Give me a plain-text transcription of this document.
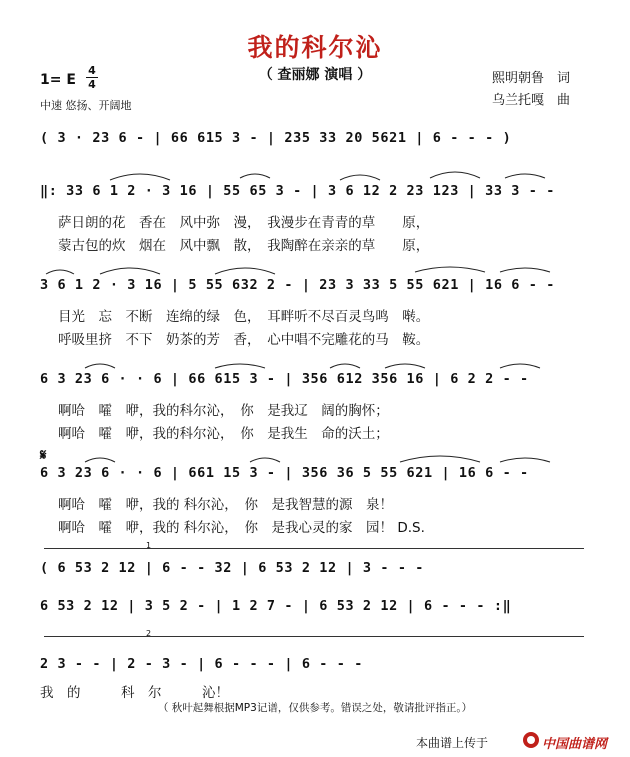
我的科尔沁
（ 查丽娜 演唱 ）
1= E
4
4
中速 悠扬、开阔地
熙明朝鲁　词
乌兰托嘎　曲
( 3 · 23 6 - | 66 615 3 - | 235 33 20 5621 | 6 - - - )
‖: 33 6 1 2 · 3 16 | 55 65 3 - | 3 6 12 2 23 123 | 33 3 - -
萨日朗的花　香在　风中弥　漫，　我漫步在青青的草　　原，
蒙古包的炊　烟在　风中飘　散，　我陶醉在亲亲的草　　原，
3 6 1 2 · 3 16 | 5 55 632 2 - | 23 3 33 5 55 621 | 16 6 - -
目光　忘　不断　连绵的绿　色，　耳畔听不尽百灵鸟鸣　啭。
呼吸里挤　不下　奶茶的芳　香，　心中唱不完雕花的马　鞍。
6 3 23 6 · · 6 | 66 615 3 - | 356 612 356 16 | 6 2 2 - -
啊哈　嚯　咿，我的科尔沁，　你　是我辽　阔的胸怀；
啊哈　嚯　咿，我的科尔沁，　你　是我生　命的沃土；
𝄋
6 3 23 6 · · 6 | 661 15 3 - | 356 36 5 55 621 | 16 6 - -
啊哈　嚯　咿，我的 科尔沁，　你　是我智慧的源　泉！
啊哈　嚯　咿，我的 科尔沁，　你　是我心灵的家　园！ D.S.
1
( 6 53 2 12 | 6 - - 32 | 6 53 2 12 | 3 - - -
6 53 2 12 | 3 5 2 - | 1 2 7 - | 6 53 2 12 | 6 - - - :‖
2
2 3 - - | 2 - 3 - | 6 - - - | 6 - - -
我　的　　　科　尔　　　沁！
（ 秋叶起舞根据MP3记谱，仅供参考。错误之处，敬请批评指正。）
本曲谱上传于	中国曲谱网
